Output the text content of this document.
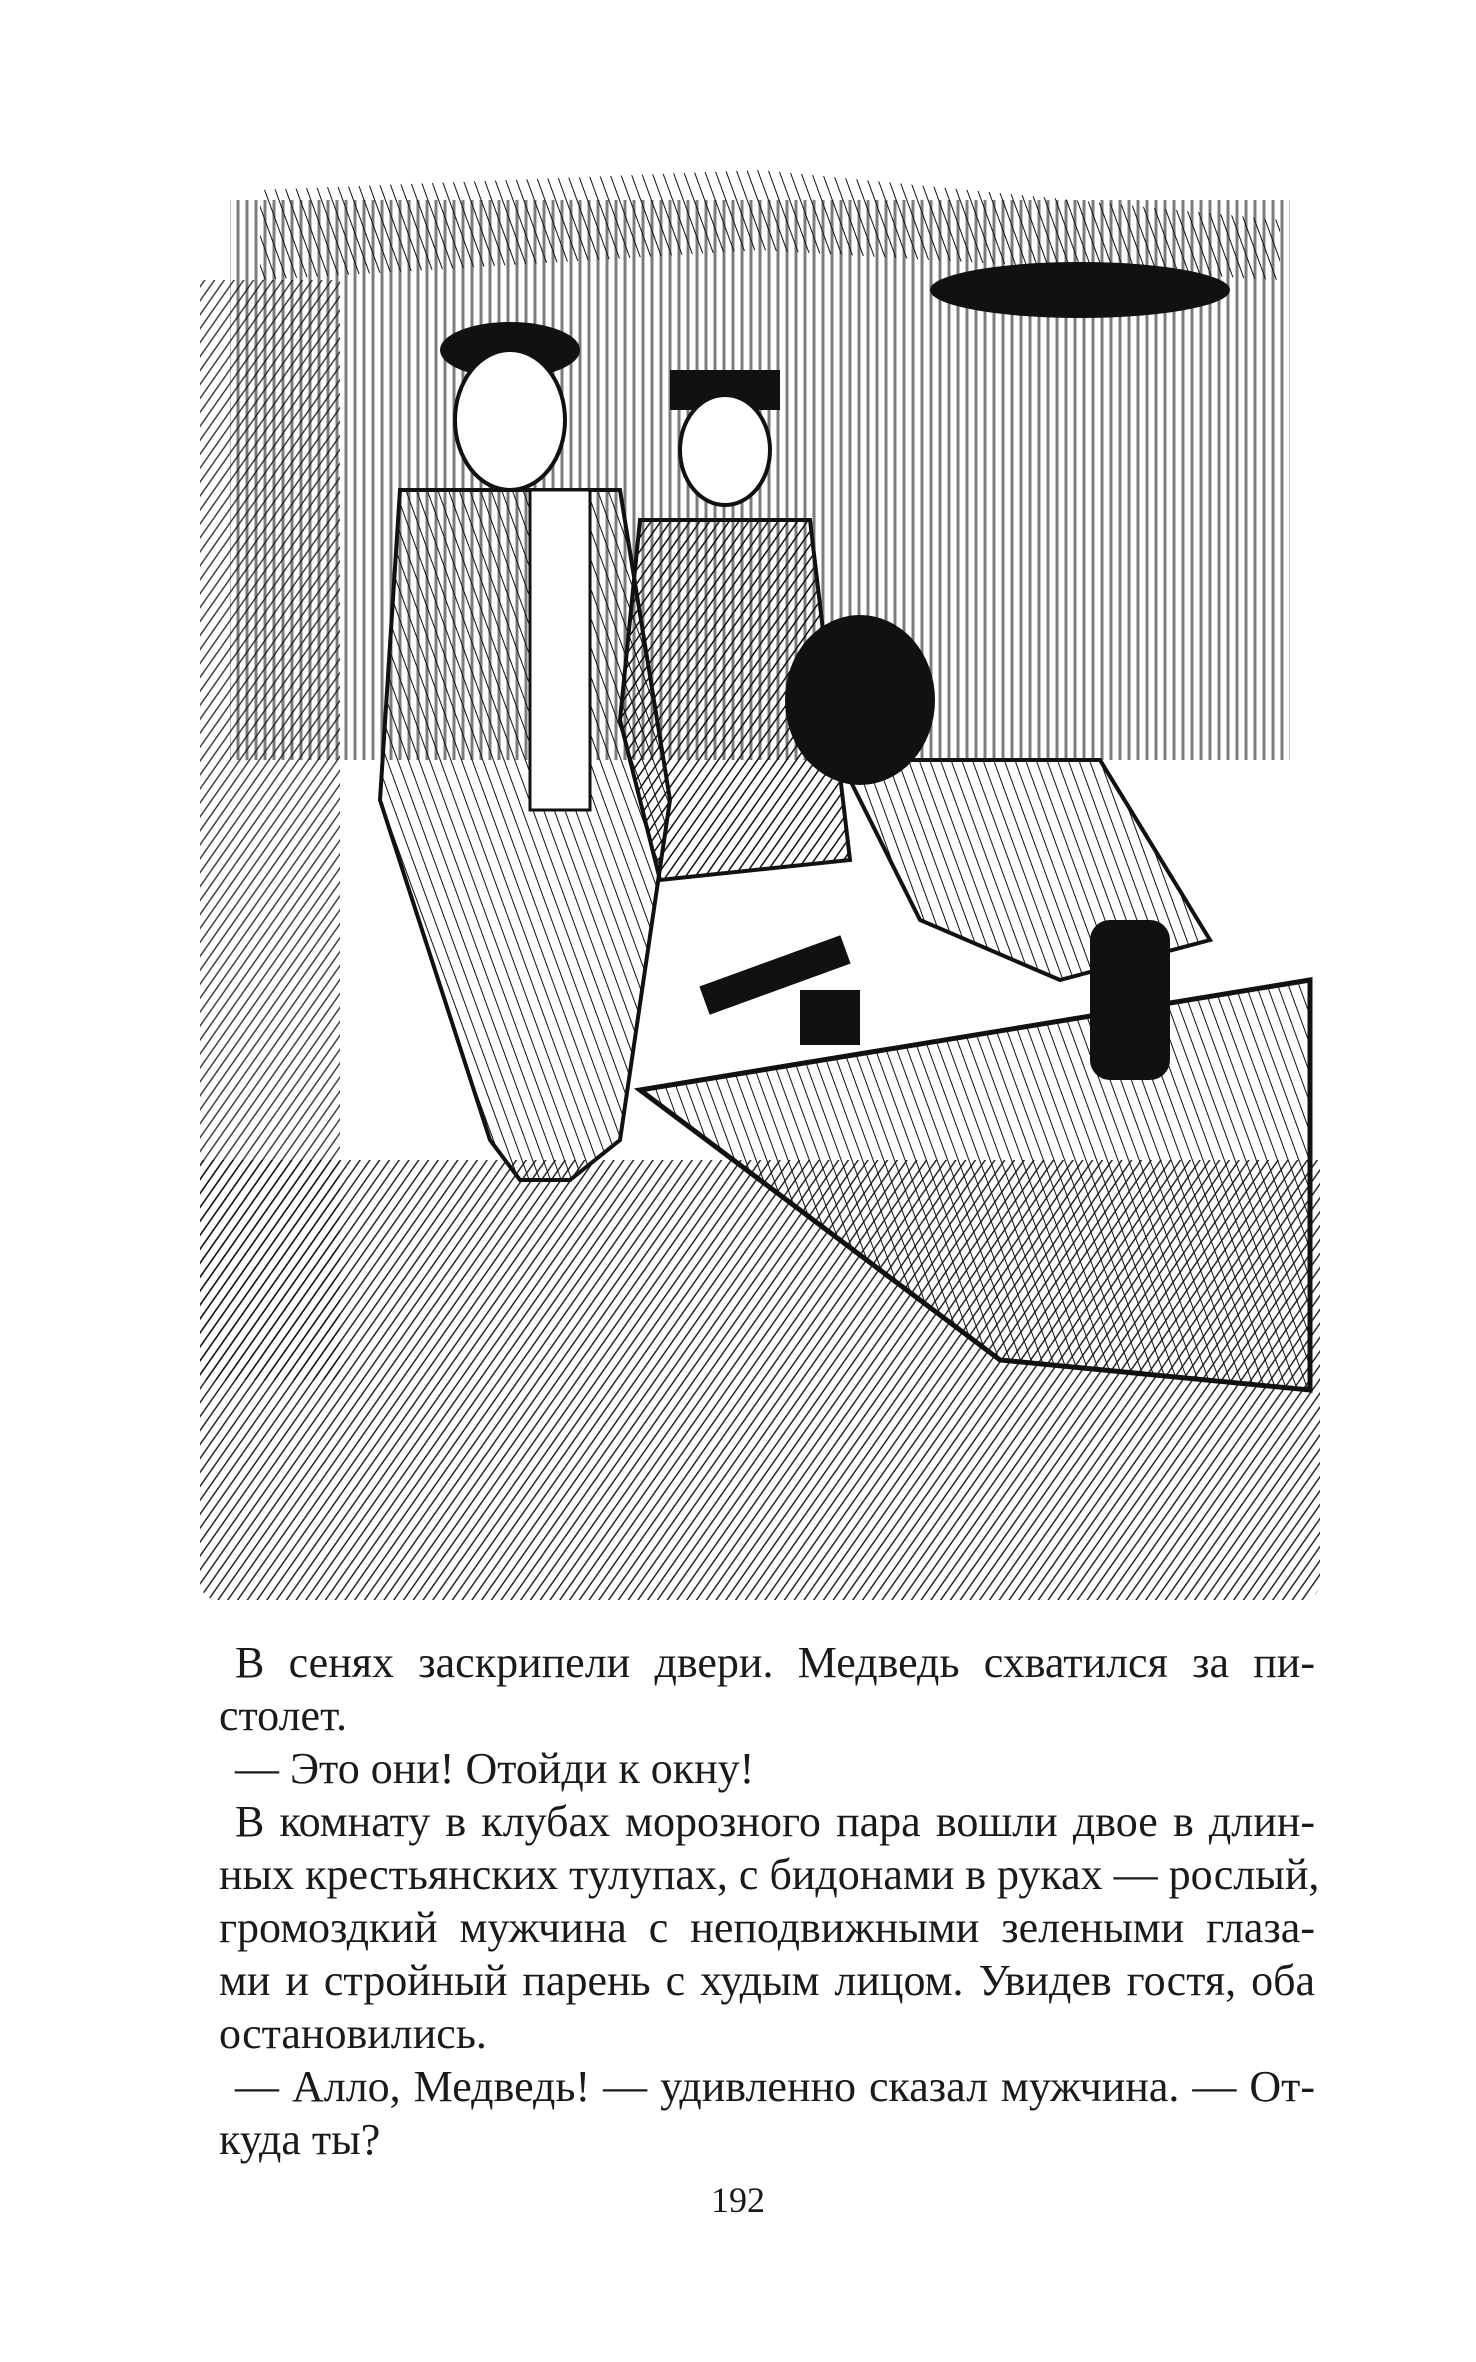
В сенях заскрипели двери. Медведь схватился за пи-
столет.
— Это они! Отойди к окну!
В комнату в клубах морозного пара вошли двое в длин-
ных крестьянских тулупах, с бидонами в руках — рослый,
громоздкий мужчина с неподвижными зелеными глаза-
ми и стройный парень с худым лицом. Увидев гостя, оба
остановились.
— Алло, Медведь! — удивленно сказал мужчина. — От-
куда ты?
192
